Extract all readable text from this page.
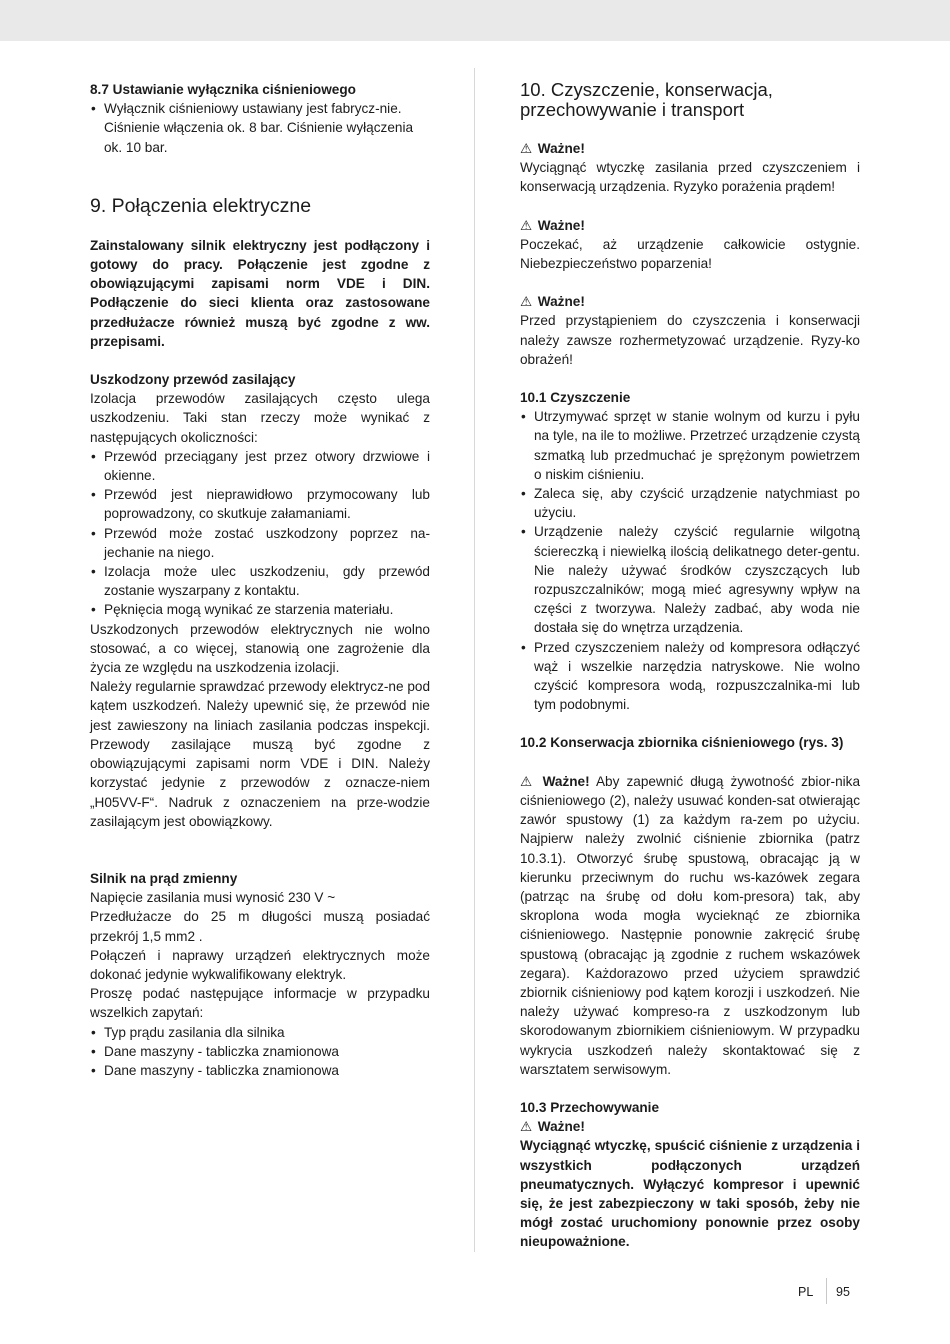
8.7 Ustawianie wyłącznika ciśnieniowego

• Wyłącznik ciśnieniowy ustawiany jest fabrycz-nie. Ciśnienie włączenia ok. 8 bar. Ciśnienie wyłączenia ok. 10 bar.

9. Połączenia elektryczne

Zainstalowany silnik elektryczny jest podłączony i gotowy do pracy. Połączenie jest zgodne z obowiązującymi zapisami norm VDE i DIN. Podłączenie do sieci klienta oraz zastosowane przedłużacze również muszą być zgodne z ww. przepisami.

Uszkodzony przewód zasilający

Izolacja przewodów zasilających często ulega uszkodzeniu. Taki stan rzeczy może wynikać z następujących okoliczności:

• Przewód przeciągany jest przez otwory drzwiowe i okienne.
• Przewód jest nieprawidłowo przymocowany lub poprowadzony, co skutkuje załamaniami.
• Przewód może zostać uszkodzony poprzez na-jechanie na niego.
• Izolacja może ulec uszkodzeniu, gdy przewód zostanie wyszarpany z kontaktu.
• Pęknięcia mogą wynikać ze starzenia materiału.

Uszkodzonych przewodów elektrycznych nie wolno stosować, a co więcej, stanowią one zagrożenie dla życia ze względu na uszkodzenia izolacji.

Należy regularnie sprawdzać przewody elektrycz-ne pod kątem uszkodzeń. Należy upewnić się, że przewód nie jest zawieszony na liniach zasilania podczas inspekcji. Przewody zasilające muszą być zgodne z obowiązującymi zapisami norm VDE i DIN. Należy korzystać jedynie z przewodów z oznacze-niem „H05VV-F“. Nadruk z oznaczeniem na prze-wodzie zasilającym jest obowiązkowy.

Silnik na prąd zmienny

Napięcie zasilania musi wynosić 230 V ~

Przedłużacze do 25 m długości muszą posiadać przekrój 1,5 mm2 .

Połączeń i naprawy urządzeń elektrycznych może dokonać jedynie wykwalifikowany elektryk.

Proszę podać następujące informacje w przypadku wszelkich zapytań:

• Typ prądu zasilania dla silnika
• Dane maszyny - tabliczka znamionowa
• Dane maszyny - tabliczka znamionowa

10. Czyszczenie, konserwacja, przechowywanie i transport

⚠ Ważne!

Wyciągnąć wtyczkę zasilania przed czyszczeniem i konserwacją urządzenia. Ryzyko porażenia prądem!

⚠ Ważne!

Poczekać, aż urządzenie całkowicie ostygnie. Niebezpieczeństwo poparzenia!

⚠ Ważne!

Przed przystąpieniem do czyszczenia i konserwacji należy zawsze rozhermetyzować urządzenie. Ryzy-ko obrażeń!

10.1 Czyszczenie

• Utrzymywać sprzęt w stanie wolnym od kurzu i pyłu na tyle, na ile to możliwe. Przetrzeć urządzenie czystą szmatką lub przedmuchać je sprężonym powietrzem o niskim ciśnieniu.
• Zaleca się, aby czyścić urządzenie natychmiast po użyciu.
• Urządzenie należy czyścić regularnie wilgotną ściereczką i niewielką ilością delikatnego deter-gentu. Nie należy używać środków czyszczących lub rozpuszczalników; mogą mieć agresywny wpływ na części z tworzywa. Należy zadbać, aby woda nie dostała się do wnętrza urządzenia.
• Przed czyszczeniem należy od kompresora odłączyć wąż i wszelkie narzędzia natryskowe. Nie wolno czyścić kompresora wodą, rozpuszczalnika-mi lub tym podobnymi.

10.2 Konserwacja zbiornika ciśnieniowego (rys. 3)

⚠ Ważne! Aby zapewnić długą żywotność zbior-nika ciśnieniowego (2), należy usuwać konden-sat otwierając zawór spustowy (1) za każdym ra-zem po użyciu. Najpierw należy zwolnić ciśnienie zbiornika (patrz 10.3.1). Otworzyć śrubę spustową, obracając ją w kierunku przeciwnym do ruchu ws-kazówek zegara (patrząc na śrubę od dołu kom-presora) tak, aby skroplona woda mogła wycieknąć ze zbiornika ciśnieniowego. Następnie ponownie zakręcić śrubę spustową (obracając ją zgodnie z ruchem wskazówek zegara). Każdorazowo przed użyciem sprawdzić zbiornik ciśnieniowy pod kątem korozji i uszkodzeń. Nie należy używać kompreso-ra z uszkodzonym lub skorodowanym zbiornikiem ciśnieniowym. W przypadku wykrycia uszkodzeń należy skontaktować się z warsztatem serwisowym.

10.3 Przechowywanie

⚠ Ważne!

Wyciągnąć wtyczkę, spuścić ciśnienie z urządzenia i wszystkich podłączonych urządzeń pneumatycznych. Wyłączyć kompresor i upewnić się, że jest zabezpieczony w taki sposób, żeby nie mógł zostać uruchomiony ponownie przez osoby nieupoważnione.

PL 95
